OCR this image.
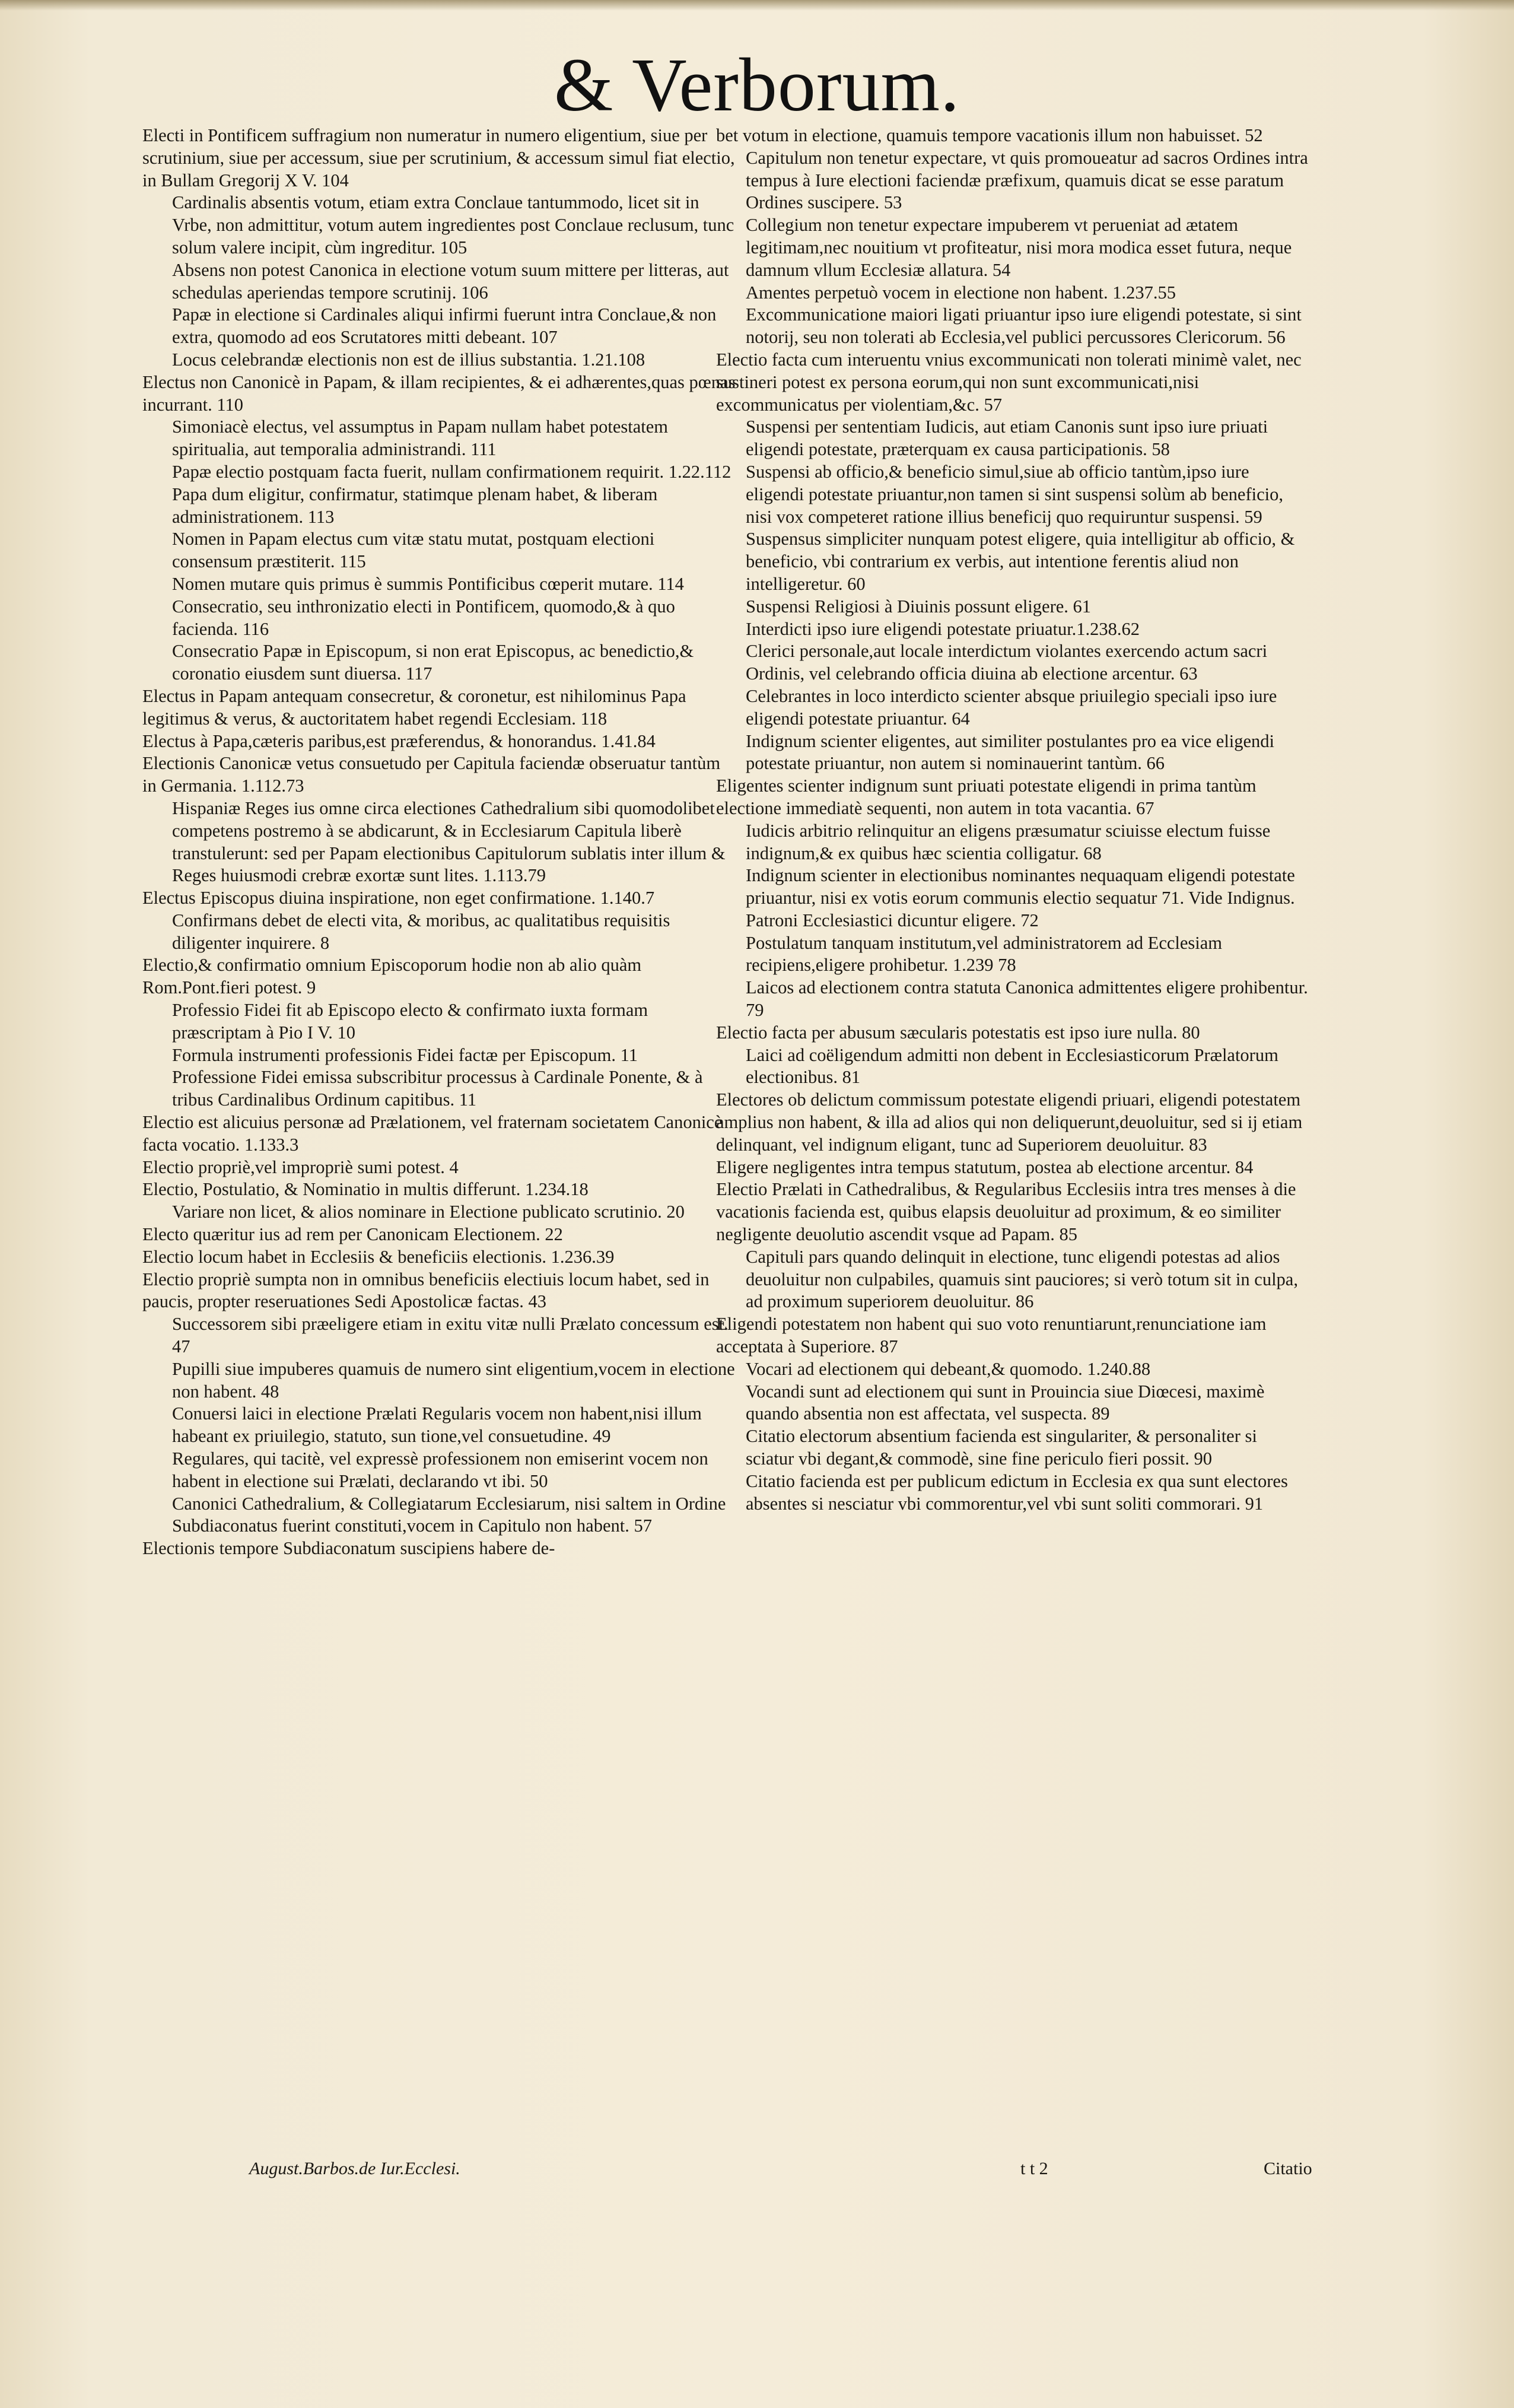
& Verborum.

Electi in Pontificem suffragium non numeratur in numero eligentium, siue per scrutinium, siue per accessum, siue per scrutinium, & accessum simul fiat electio, in Bullam Gregorij X V. 104

Cardinalis absentis votum, etiam extra Conclaue tantummodo, licet sit in Vrbe, non admittitur, votum autem ingredientes post Conclaue reclusum, tunc solum valere incipit, cùm ingreditur. 105

Absens non potest Canonica in electione votum suum mittere per litteras, aut schedulas aperiendas tempore scrutinij. 106

Papæ in electione si Cardinales aliqui infirmi fuerunt intra Conclaue,& non extra, quomodo ad eos Scrutatores mitti debeant. 107

Locus celebrandæ electionis non est de illius substantia. 1.21.108

Electus non Canonicè in Papam, & illam recipientes, & ei adhærentes,quas pœnas incurrant. 110

Simoniacè electus, vel assumptus in Papam nullam habet potestatem spiritualia, aut temporalia administrandi. 111

Papæ electio postquam facta fuerit, nullam confirmationem requirit. 1.22.112

Papa dum eligitur, confirmatur, statimque plenam habet, & liberam administrationem. 113

Nomen in Papam electus cum vitæ statu mutat, postquam electioni consensum præstiterit. 115

Nomen mutare quis primus è summis Pontificibus cœperit mutare. 114

Consecratio, seu inthronizatio electi in Pontificem, quomodo,& à quo facienda. 116

Consecratio Papæ in Episcopum, si non erat Episcopus, ac benedictio,& coronatio eiusdem sunt diuersa. 117

Electus in Papam antequam consecretur, & coronetur, est nihilominus Papa legitimus & verus, & auctoritatem habet regendi Ecclesiam. 118

Electus à Papa,cæteris paribus,est præferendus, & honorandus. 1.41.84

Electionis Canonicæ vetus consuetudo per Capitula faciendæ obseruatur tantùm in Germania. 1.112.73

Hispaniæ Reges ius omne circa electiones Cathedralium sibi quomodolibet competens postremo à se abdicarunt, & in Ecclesiarum Capitula liberè transtulerunt: sed per Papam electionibus Capitulorum sublatis inter illum & Reges huiusmodi crebræ exortæ sunt lites. 1.113.79

Electus Episcopus diuina inspiratione, non eget confirmatione. 1.140.7

Confirmans debet de electi vita, & moribus, ac qualitatibus requisitis diligenter inquirere. 8

Electio,& confirmatio omnium Episcoporum hodie non ab alio quàm Rom.Pont.fieri potest. 9

Professio Fidei fit ab Episcopo electo & confirmato iuxta formam præscriptam à Pio I V. 10

Formula instrumenti professionis Fidei factæ per Episcopum. 11

Professione Fidei emissa subscribitur processus à Cardinale Ponente, & à tribus Cardinalibus Ordinum capitibus. 11

Electio est alicuius personæ ad Prælationem, vel fraternam societatem Canonicè facta vocatio. 1.133.3

Electio propriè,vel impropriè sumi potest. 4

Electio, Postulatio, & Nominatio in multis differunt. 1.234.18

Variare non licet, & alios nominare in Electione publicato scrutinio. 20

Electo quæritur ius ad rem per Canonicam Electionem. 22

Electio locum habet in Ecclesiis & beneficiis electionis. 1.236.39

Electio propriè sumpta non in omnibus beneficiis electiuis locum habet, sed in paucis, propter reseruationes Sedi Apostolicæ factas. 43

Successorem sibi præeligere etiam in exitu vitæ nulli Prælato concessum est. 47

Pupilli siue impuberes quamuis de numero sint eligentium,vocem in electione non habent. 48

Conuersi laici in electione Prælati Regularis vocem non habent,nisi illum habeant ex priuilegio, statuto, sun tione,vel consuetudine. 49

Regulares, qui tacitè, vel expressè professionem non emiserint vocem non habent in electione sui Prælati, declarando vt ibi. 50

Canonici Cathedralium, & Collegiatarum Ecclesiarum, nisi saltem in Ordine Subdiaconatus fuerint constituti,vocem in Capitulo non habent. 57

Electionis tempore Subdiaconatum suscipiens habere de-

bet votum in electione, quamuis tempore vacationis illum non habuisset. 52

Capitulum non tenetur expectare, vt quis promoueatur ad sacros Ordines intra tempus à Iure electioni faciendæ præfixum, quamuis dicat se esse paratum Ordines suscipere. 53

Collegium non tenetur expectare impuberem vt perueniat ad ætatem legitimam,nec nouitium vt profiteatur, nisi mora modica esset futura, neque damnum vllum Ecclesiæ allatura. 54

Amentes perpetuò vocem in electione non habent. 1.237.55

Excommunicatione maiori ligati priuantur ipso iure eligendi potestate, si sint notorij, seu non tolerati ab Ecclesia,vel publici percussores Clericorum. 56

Electio facta cum interuentu vnius excommunicati non tolerati minimè valet, nec sustineri potest ex persona eorum,qui non sunt excommunicati,nisi excommunicatus per violentiam,&c. 57

Suspensi per sententiam Iudicis, aut etiam Canonis sunt ipso iure priuati eligendi potestate, præterquam ex causa participationis. 58

Suspensi ab officio,& beneficio simul,siue ab officio tantùm,ipso iure eligendi potestate priuantur,non tamen si sint suspensi solùm ab beneficio, nisi vox competeret ratione illius beneficij quo requiruntur suspensi. 59

Suspensus simpliciter nunquam potest eligere, quia intelligitur ab officio, & beneficio, vbi contrarium ex verbis, aut intentione ferentis aliud non intelligeretur. 60

Suspensi Religiosi à Diuinis possunt eligere. 61

Interdicti ipso iure eligendi potestate priuatur.1.238.62

Clerici personale,aut locale interdictum violantes exercendo actum sacri Ordinis, vel celebrando officia diuina ab electione arcentur. 63

Celebrantes in loco interdicto scienter absque priuilegio speciali ipso iure eligendi potestate priuantur. 64

Indignum scienter eligentes, aut similiter postulantes pro ea vice eligendi potestate priuantur, non autem si nominauerint tantùm. 66

Eligentes scienter indignum sunt priuati potestate eligendi in prima tantùm electione immediatè sequenti, non autem in tota vacantia. 67

Iudicis arbitrio relinquitur an eligens præsumatur sciuisse electum fuisse indignum,& ex quibus hæc scientia colligatur. 68

Indignum scienter in electionibus nominantes nequaquam eligendi potestate priuantur, nisi ex votis eorum communis electio sequatur 71. Vide Indignus.

Patroni Ecclesiastici dicuntur eligere. 72

Postulatum tanquam institutum,vel administratorem ad Ecclesiam recipiens,eligere prohibetur. 1.239 78

Laicos ad electionem contra statuta Canonica admittentes eligere prohibentur. 79

Electio facta per abusum sæcularis potestatis est ipso iure nulla. 80

Laici ad coëligendum admitti non debent in Ecclesiasticorum Prælatorum electionibus. 81

Electores ob delictum commissum potestate eligendi priuari, eligendi potestatem amplius non habent, & illa ad alios qui non deliquerunt,deuoluitur, sed si ij etiam delinquant, vel indignum eligant, tunc ad Superiorem deuoluitur. 83

Eligere negligentes intra tempus statutum, postea ab electione arcentur. 84

Electio Prælati in Cathedralibus, & Regularibus Ecclesiis intra tres menses à die vacationis facienda est, quibus elapsis deuoluitur ad proximum, & eo similiter negligente deuolutio ascendit vsque ad Papam. 85

Capituli pars quando delinquit in electione, tunc eligendi potestas ad alios deuoluitur non culpabiles, quamuis sint pauciores; si verò totum sit in culpa, ad proximum superiorem deuoluitur. 86

Eligendi potestatem non habent qui suo voto renuntiarunt,renunciatione iam acceptata à Superiore. 87

Vocari ad electionem qui debeant,& quomodo. 1.240.88

Vocandi sunt ad electionem qui sunt in Prouincia siue Diœcesi, maximè quando absentia non est affectata, vel suspecta. 89

Citatio electorum absentium facienda est singulariter, & personaliter si sciatur vbi degant,& commodè, sine fine periculo fieri possit. 90

Citatio facienda est per publicum edictum in Ecclesia ex qua sunt electores absentes si nesciatur vbi commorentur,vel vbi sunt soliti commorari. 91

August.Barbos.de Iur.Ecclesi.	t t 2	Citatio
